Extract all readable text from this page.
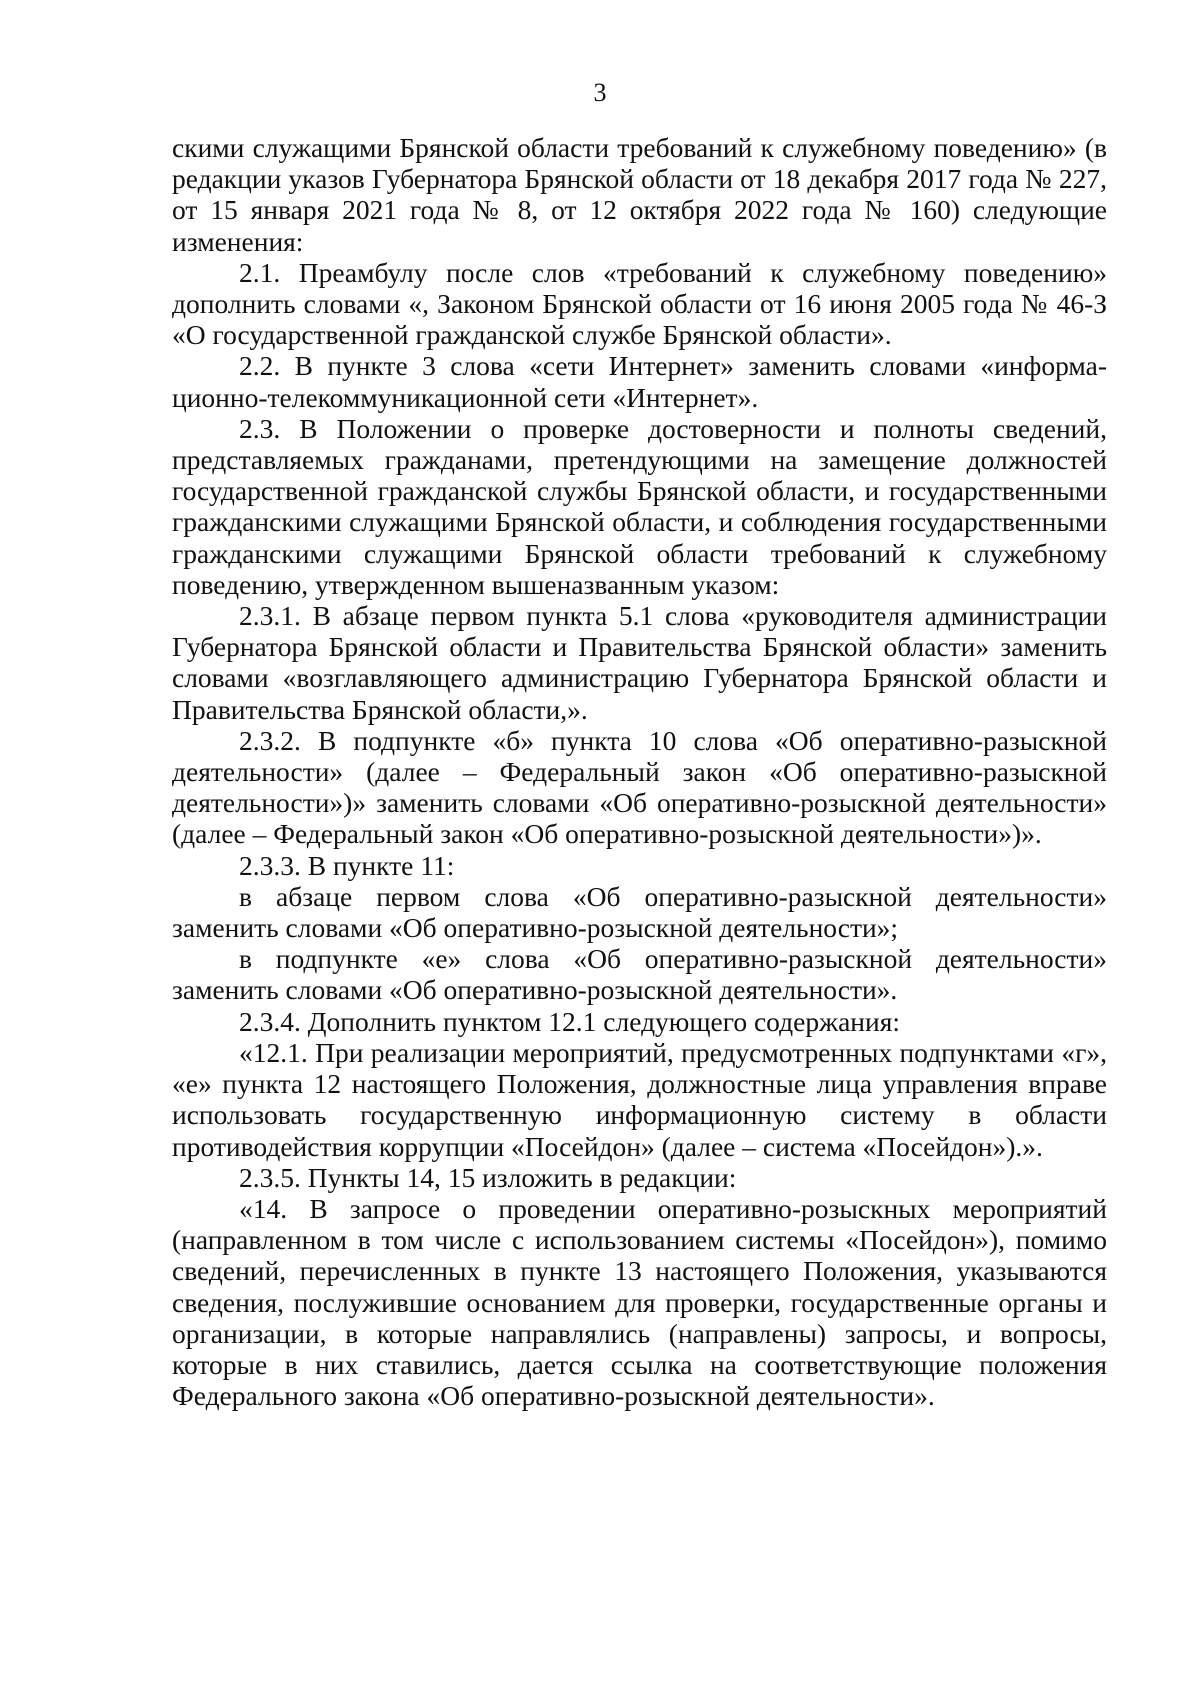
3

скими служащими Брянской области требований к служебному поведению» (в редакции указов Губернатора Брянской области от 18 декабря 2017 года № 227, от 15 января 2021 года № 8, от 12 октября 2022 года № 160) следующие изменения:

2.1. Преамбулу после слов «требований к служебному поведению» дополнить словами «, Законом Брянской области от 16 июня 2005 года № 46-З «О государственной гражданской службе Брянской области».

2.2. В пункте 3 слова «сети Интернет» заменить словами «информационно-телекоммуникационной сети «Интернет».

2.3. В Положении о проверке достоверности и полноты сведений, представляемых гражданами, претендующими на замещение должностей государственной гражданской службы Брянской области, и государственными гражданскими служащими Брянской области, и соблюдения государственными гражданскими служащими Брянской области требований к служебному поведению, утвержденном вышеназванным указом:

2.3.1. В абзаце первом пункта 5.1 слова «руководителя администрации Губернатора Брянской области и Правительства Брянской области» заменить словами «возглавляющего администрацию Губернатора Брянской области и Правительства Брянской области,».

2.3.2. В подпункте «б» пункта 10 слова «Об оперативно-разыскной деятельности» (далее – Федеральный закон «Об оперативно-разыскной деятельности»)» заменить словами «Об оперативно-розыскной деятельности» (далее – Федеральный закон «Об оперативно-розыскной деятельности»)».

2.3.3. В пункте 11:

в абзаце первом слова «Об оперативно-разыскной деятельности» заменить словами «Об оперативно-розыскной деятельности»;

в подпункте «е» слова «Об оперативно-разыскной деятельности» заменить словами «Об оперативно-розыскной деятельности».

2.3.4. Дополнить пунктом 12.1 следующего содержания:

«12.1. При реализации мероприятий, предусмотренных подпунктами «г», «е» пункта 12 настоящего Положения, должностные лица управления вправе использовать государственную информационную систему в области противодействия коррупции «Посейдон» (далее – система «Посейдон»).».

2.3.5. Пункты 14, 15 изложить в редакции:

«14. В запросе о проведении оперативно-розыскных мероприятий (направленном в том числе с использованием системы «Посейдон»), помимо сведений, перечисленных в пункте 13 настоящего Положения, указываются сведения, послужившие основанием для проверки, государственные органы и организации, в которые направлялись (направлены) запросы, и вопросы, которые в них ставились, дается ссылка на соответствующие положения Федерального закона «Об оперативно-розыскной деятельности».
